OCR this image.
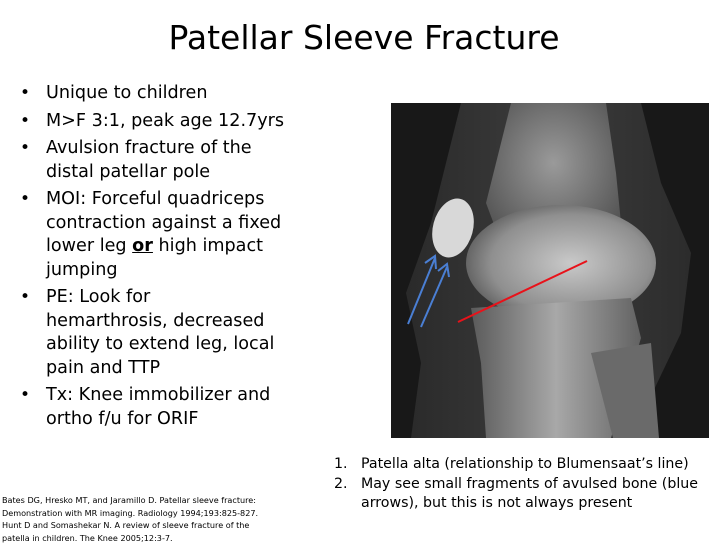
Patellar Sleeve Fracture
• Unique to children
• M>F 3:1, peak age 12.7yrs
• Avulsion fracture of the
distal patellar pole
• MOI: Forceful quadriceps
contraction against a fixed
lower leg or high impact
jumping
• PE: Look for
hemarthrosis, decreased
ability to extend leg, local
pain and TTP
• Tx: Knee immobilizer and
ortho f/u for ORIF
1. Patella alta (relationship to Blumensaat’s line)
2. May see small fragments of avulsed bone (blue
arrows), but this is not always present
Bates DG, Hresko MT, and Jaramillo D. Patellar sleeve fracture:
Demonstration with MR imaging. Radiology 1994;193:825-827.
Hunt D and Somashekar N. A review of sleeve fracture of the
patella in children. The Knee 2005;12:3-7.
